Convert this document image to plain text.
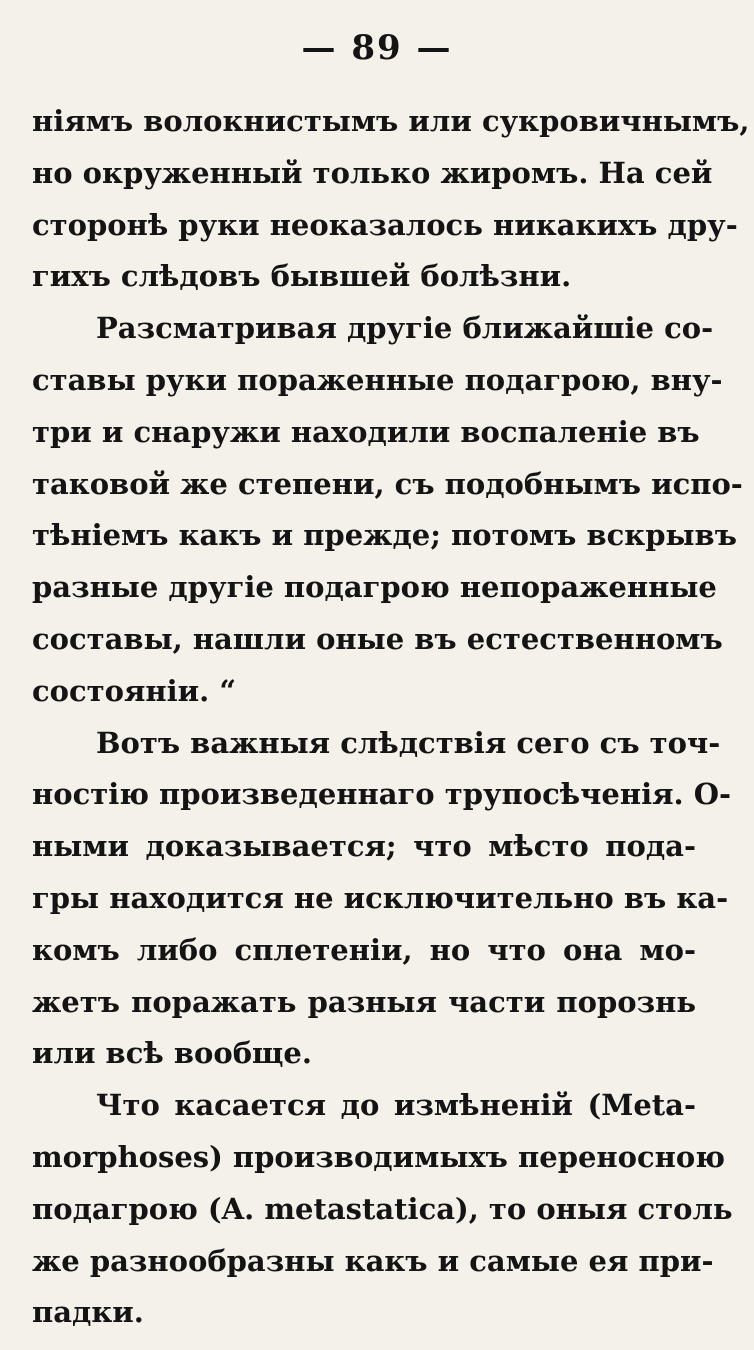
— 89 —
ніямъ волокнистымъ или сукровичнымъ,
но окруженный только жиромъ. На сей
сторонѣ руки неоказалось никакихъ дру-
гихъ слѣдовъ бывшей болѣзни.
Разсматривая другіе ближайшіе со-
ставы руки пораженные подагрою, вну-
три и снаружи находили воспаленіе въ
таковой же степени, съ подобнымъ испо-
тѣніемъ какъ и прежде; потомъ вскрывъ
разные другіе подагрою непораженные
составы, нашли оные въ естественномъ
состояніи. “
Вотъ важныя слѣдствія сего съ точ-
ностію произведеннаго трупосѣченія. О-
ными доказывается; что мѣсто пода-
гры находится не исключительно въ ка-
комъ либо сплетеніи, но что она мо-
жетъ поражать разныя части порознь
или всѣ вообще.
Что касается до измѣненій (Meta-
morphoses) производимыхъ переносною
подагрою (A. metastatica), то оныя столь
же разнообразны какъ и самые ея при-
падки.
